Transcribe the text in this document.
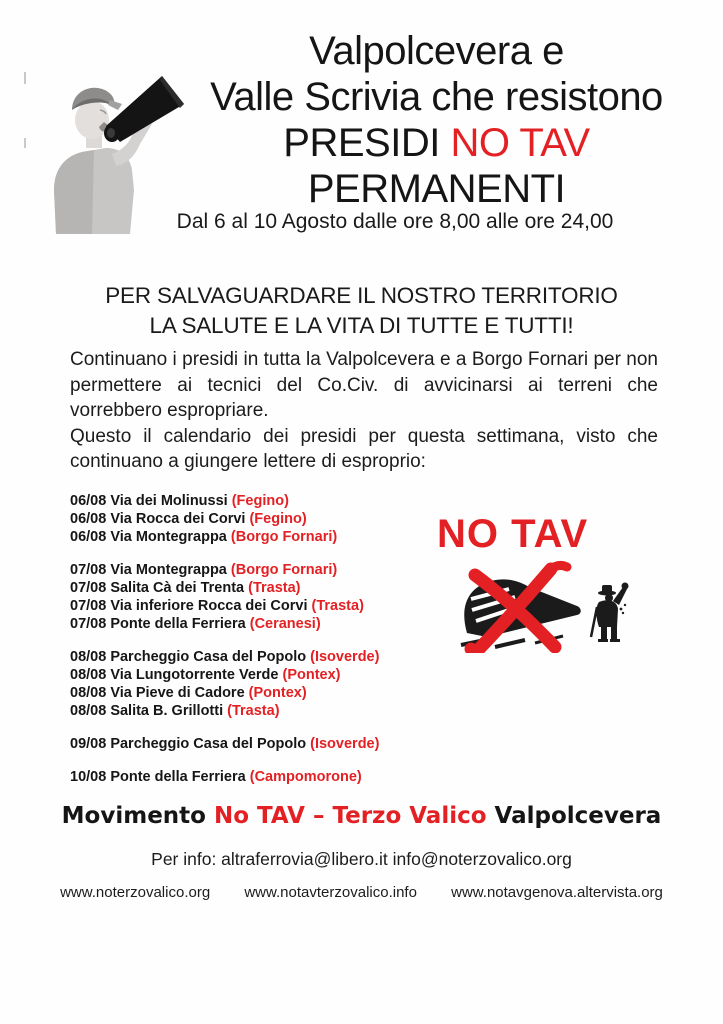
Valpolcevera e
Valle Scrivia che resistono
PRESIDI NO TAV
PERMANENTI
Dal 6 al 10 Agosto dalle ore 8,00 alle ore 24,00
PER SALVAGUARDARE IL NOSTRO TERRITORIO
LA SALUTE E LA VITA DI TUTTE E TUTTI!

Continuano i presidi in tutta la Valpolcevera e a Borgo Fornari per non permettere ai tecnici del Co.Civ. di avvicinarsi ai terreni che vorrebbero espropriare.

Questo il calendario dei presidi per questa settimana, visto che continuano a giungere lettere di esproprio:

06/08 Via dei Molinussi (Fegino)
06/08 Via Rocca dei Corvi (Fegino)
06/08 Via Montegrappa (Borgo Fornari)
07/08 Via Montegrappa (Borgo Fornari)
07/08 Salita Cà dei Trenta (Trasta)
07/08 Via inferiore Rocca dei Corvi (Trasta)
07/08 Ponte della Ferriera (Ceranesi)
08/08 Parcheggio Casa del Popolo (Isoverde)
08/08 Via Lungotorrente Verde (Pontex)
08/08 Via Pieve di Cadore (Pontex)
08/08 Salita B. Grillotti (Trasta)
09/08 Parcheggio Casa del Popolo (Isoverde)
10/08 Ponte della Ferriera (Campomorone)
NO TAV
Movimento No TAV – Terzo Valico Valpolcevera
Per info: altraferrovia@libero.it info@noterzovalico.org
www.noterzovalico.org www.notavterzovalico.info www.notavgenova.altervista.org
